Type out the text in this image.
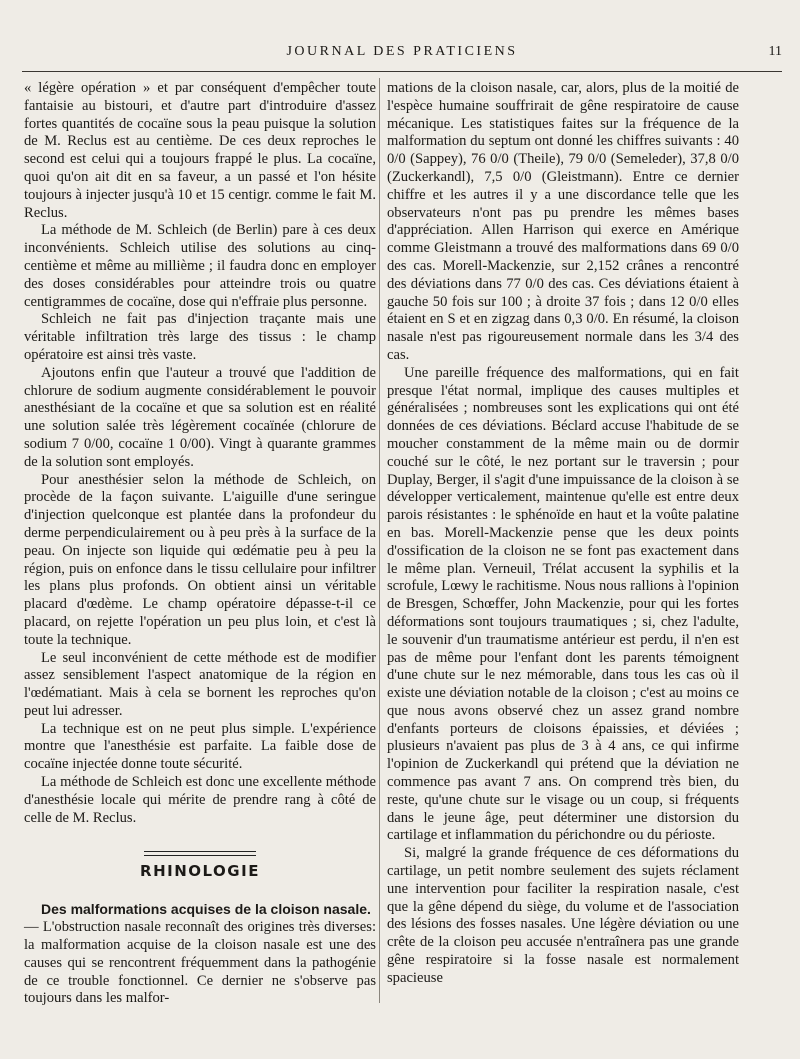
JOURNAL DES PRATICIENS	11

« légère opération » et par conséquent d'empêcher toute fantaisie au bistouri, et d'autre part d'introduire d'assez fortes quantités de cocaïne sous la peau puisque la solution de M. Reclus est au centième. De ces deux reproches le second est celui qui a toujours frappé le plus. La cocaïne, quoi qu'on ait dit en sa faveur, a un passé et l'on hésite toujours à injecter jusqu'à 10 et 15 centigr. comme le fait M. Reclus.

La méthode de M. Schleich (de Berlin) pare à ces deux inconvénients. Schleich utilise des solutions au cinq-centième et même au millième ; il faudra donc en employer des doses considérables pour atteindre trois ou quatre centigrammes de cocaïne, dose qui n'effraie plus personne.

Schleich ne fait pas d'injection traçante mais une véritable infiltration très large des tissus : le champ opératoire est ainsi très vaste.

Ajoutons enfin que l'auteur a trouvé que l'addition de chlorure de sodium augmente considérablement le pouvoir anesthésiant de la cocaïne et que sa solution est en réalité une solution salée très légèrement cocaïnée (chlorure de sodium 7 0/00, cocaïne 1 0/00). Vingt à quarante grammes de la solution sont employés.

Pour anesthésier selon la méthode de Schleich, on procède de la façon suivante. L'aiguille d'une seringue d'injection quelconque est plantée dans la profondeur du derme perpendiculairement ou à peu près à la surface de la peau. On injecte son liquide qui œdématie peu à peu la région, puis on enfonce dans le tissu cellulaire pour infiltrer les plans plus profonds. On obtient ainsi un véritable placard d'œdème. Le champ opératoire dépasse-t-il ce placard, on rejette l'opération un peu plus loin, et c'est là toute la technique.

Le seul inconvénient de cette méthode est de modifier assez sensiblement l'aspect anatomique de la région en l'œdématiant. Mais à cela se bornent les reproches qu'on peut lui adresser.

La technique est on ne peut plus simple. L'expérience montre que l'anesthésie est parfaite. La faible dose de cocaïne injectée donne toute sécurité.

La méthode de Schleich est donc une excellente méthode d'anesthésie locale qui mérite de prendre rang à côté de celle de M. Reclus.

RHINOLOGIE

Des malformations acquises de la cloison nasale.

— L'obstruction nasale reconnaît des origines très diverses: la malformation acquise de la cloison nasale est une des causes qui se rencontrent fréquemment dans la pathogénie de ce trouble fonctionnel. Ce dernier ne s'observe pas toujours dans les malfor-

mations de la cloison nasale, car, alors, plus de la moitié de l'espèce humaine souffrirait de gêne respiratoire de cause mécanique. Les statistiques faites sur la fréquence de la malformation du septum ont donné les chiffres suivants : 40 0/0 (Sappey), 76 0/0 (Theile), 79 0/0 (Semeleder), 37,8 0/0 (Zuckerkandl), 7,5 0/0 (Gleistmann). Entre ce dernier chiffre et les autres il y a une discordance telle que les observateurs n'ont pas pu prendre les mêmes bases d'appréciation. Allen Harrison qui exerce en Amérique comme Gleistmann a trouvé des malformations dans 69 0/0 des cas. Morell-Mackenzie, sur 2,152 crânes a rencontré des déviations dans 77 0/0 des cas. Ces déviations étaient à gauche 50 fois sur 100 ; à droite 37 fois ; dans 12 0/0 elles étaient en S et en zigzag dans 0,3 0/0. En résumé, la cloison nasale n'est pas rigoureusement normale dans les 3/4 des cas.

Une pareille fréquence des malformations, qui en fait presque l'état normal, implique des causes multiples et généralisées ; nombreuses sont les explications qui ont été données de ces déviations. Béclard accuse l'habitude de se moucher constamment de la même main ou de dormir couché sur le côté, le nez portant sur le traversin ; pour Duplay, Berger, il s'agit d'une impuissance de la cloison à se développer verticalement, maintenue qu'elle est entre deux parois résistantes : le sphénoïde en haut et la voûte palatine en bas. Morell-Mackenzie pense que les deux points d'ossification de la cloison ne se font pas exactement dans le même plan. Verneuil, Trélat accusent la syphilis et la scrofule, Lœwy le rachitisme. Nous nous rallions à l'opinion de Bresgen, Schœffer, John Mackenzie, pour qui les fortes déformations sont toujours traumatiques ; si, chez l'adulte, le souvenir d'un traumatisme antérieur est perdu, il n'en est pas de même pour l'enfant dont les parents témoignent d'une chute sur le nez mémorable, dans tous les cas où il existe une déviation notable de la cloison ; c'est au moins ce que nous avons observé chez un assez grand nombre d'enfants porteurs de cloisons épaissies, et déviées ; plusieurs n'avaient pas plus de 3 à 4 ans, ce qui infirme l'opinion de Zuckerkandl qui prétend que la déviation ne commence pas avant 7 ans. On comprend très bien, du reste, qu'une chute sur le visage ou un coup, si fréquents dans le jeune âge, peut déterminer une distorsion du cartilage et inflammation du périchondre ou du périoste.

Si, malgré la grande fréquence de ces déformations du cartilage, un petit nombre seulement des sujets réclament une intervention pour faciliter la respiration nasale, c'est que la gêne dépend du siège, du volume et de l'association des lésions des fosses nasales. Une légère déviation ou une crête de la cloison peu accusée n'entraînera pas une grande gêne respiratoire si la fosse nasale est normalement spacieuse
